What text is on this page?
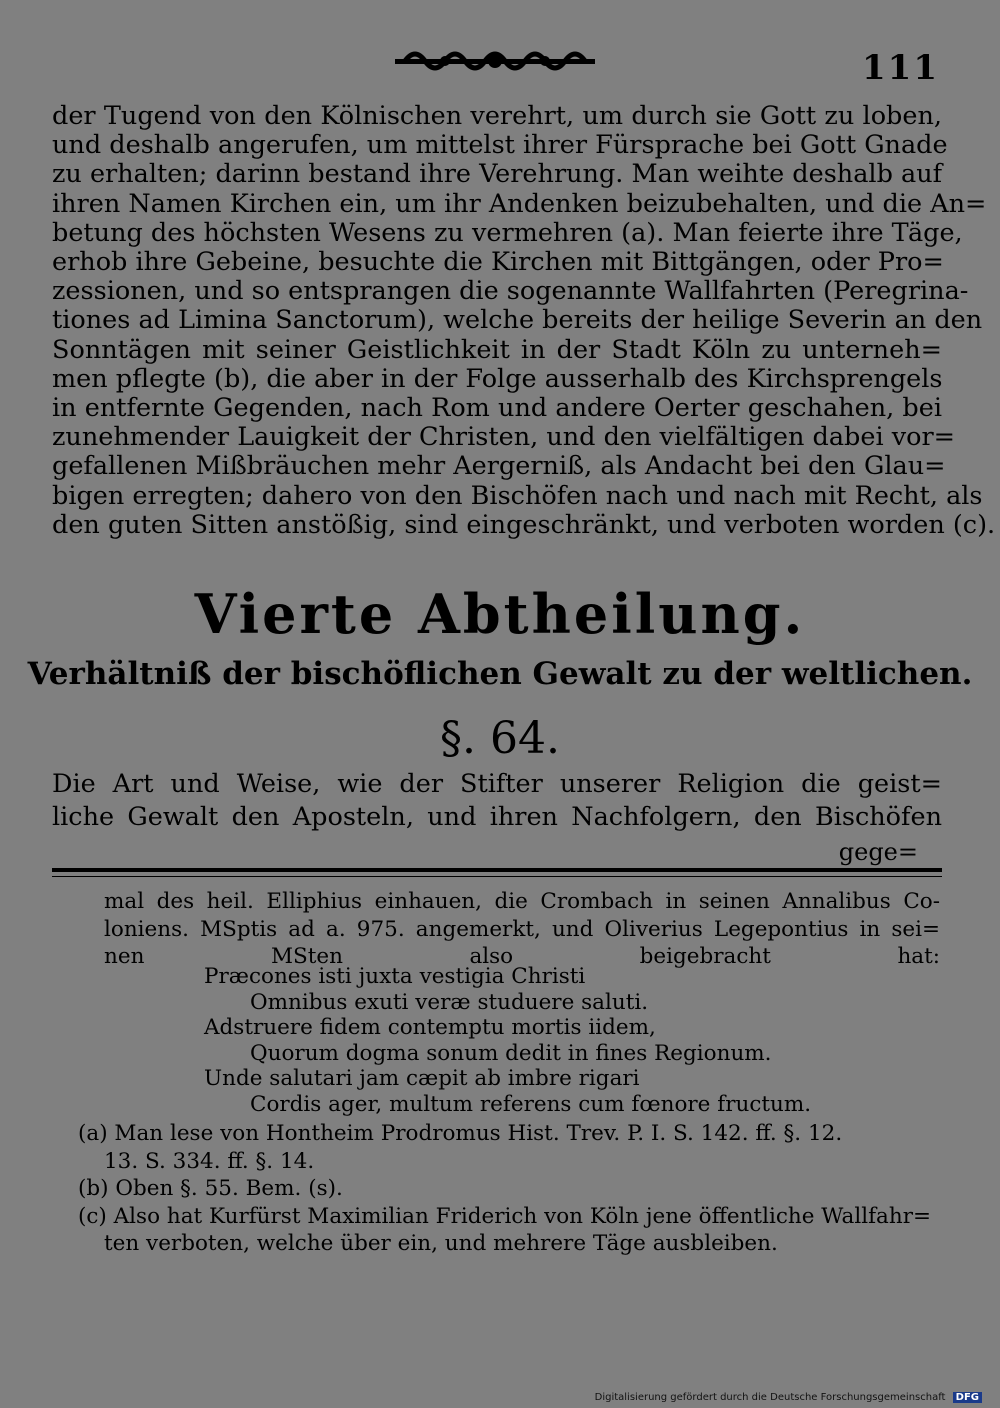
111
der Tugend von den Kölnischen verehrt, um durch sie Gott zu loben,
und deshalb angerufen, um mittelst ihrer Fürsprache bei Gott Gnade
zu erhalten; darinn bestand ihre Verehrung. Man weihte deshalb auf
ihren Namen Kirchen ein, um ihr Andenken beizubehalten, und die An=
betung des höchsten Wesens zu vermehren (a). Man feierte ihre Täge,
erhob ihre Gebeine, besuchte die Kirchen mit Bittgängen, oder Pro=
zessionen, und so entsprangen die sogenannte Wallfahrten (Peregrina-
tiones ad Limina Sanctorum), welche bereits der heilige Severin an den
Sonntägen mit seiner Geistlichkeit in der Stadt Köln zu unterneh=
men pflegte (b), die aber in der Folge ausserhalb des Kirchsprengels
in entfernte Gegenden, nach Rom und andere Oerter geschahen, bei
zunehmender Lauigkeit der Christen, und den vielfältigen dabei vor=
gefallenen Mißbräuchen mehr Aergerniß, als Andacht bei den Glau=
bigen erregten; dahero von den Bischöfen nach und nach mit Recht, als
den guten Sitten anstößig, sind eingeschränkt, und verboten worden (c).
Vierte Abtheilung.
Verhältniß der bischöflichen Gewalt zu der weltlichen.
§. 64.
Die Art und Weise, wie der Stifter unserer Religion die geist=
liche Gewalt den Aposteln, und ihren Nachfolgern, den Bischöfen
gege=
mal des heil. Elliphius einhauen, die Crombach in seinen Annalibus Co-
loniens. MSptis ad a. 975. angemerkt, und Oliverius Legepontius in sei=
nen MSten also beigebracht hat:
Præcones isti juxta vestigia Christi
Omnibus exuti veræ studuere saluti.
Adstruere fidem contemptu mortis iidem,
Quorum dogma sonum dedit in fines Regionum.
Unde salutari jam cæpit ab imbre rigari
Cordis ager, multum referens cum fœnore fructum.
(a) Man lese von Hontheim Prodromus Hist. Trev. P. I. S. 142. ff. §. 12.
13. S. 334. ff. §. 14.
(b) Oben §. 55. Bem. (s).
(c) Also hat Kurfürst Maximilian Friderich von Köln jene öffentliche Wallfahr=
ten verboten, welche über ein, und mehrere Täge ausbleiben.
Digitalisierung gefördert durch die Deutsche Forschungsgemeinschaft DFG
